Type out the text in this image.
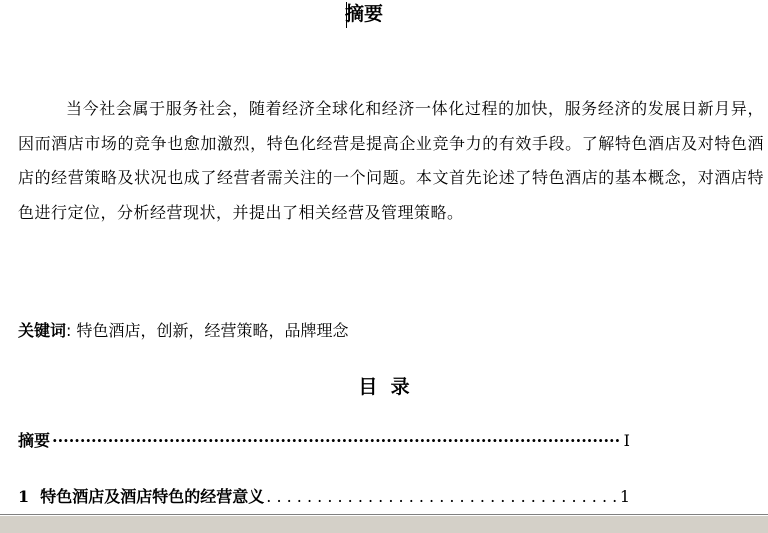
摘要

当今社会属于服务社会，随着经济全球化和经济一体化过程的加快，服务经济的发展日新月异，因而酒店市场的竞争也愈加激烈，特色化经营是提高企业竞争力的有效手段。了解特色酒店及对特色酒店的经营策略及状况也成了经营者需关注的一个问题。本文首先论述了特色酒店的基本概念，对酒店特色进行定位，分析经营现状，并提出了相关经营及管理策略。

关键词: 特色酒店，创新，经营策略，品牌理念
目  录
摘要 ·····	I
1  特色酒店及酒店特色的经营意义 . . .	1
